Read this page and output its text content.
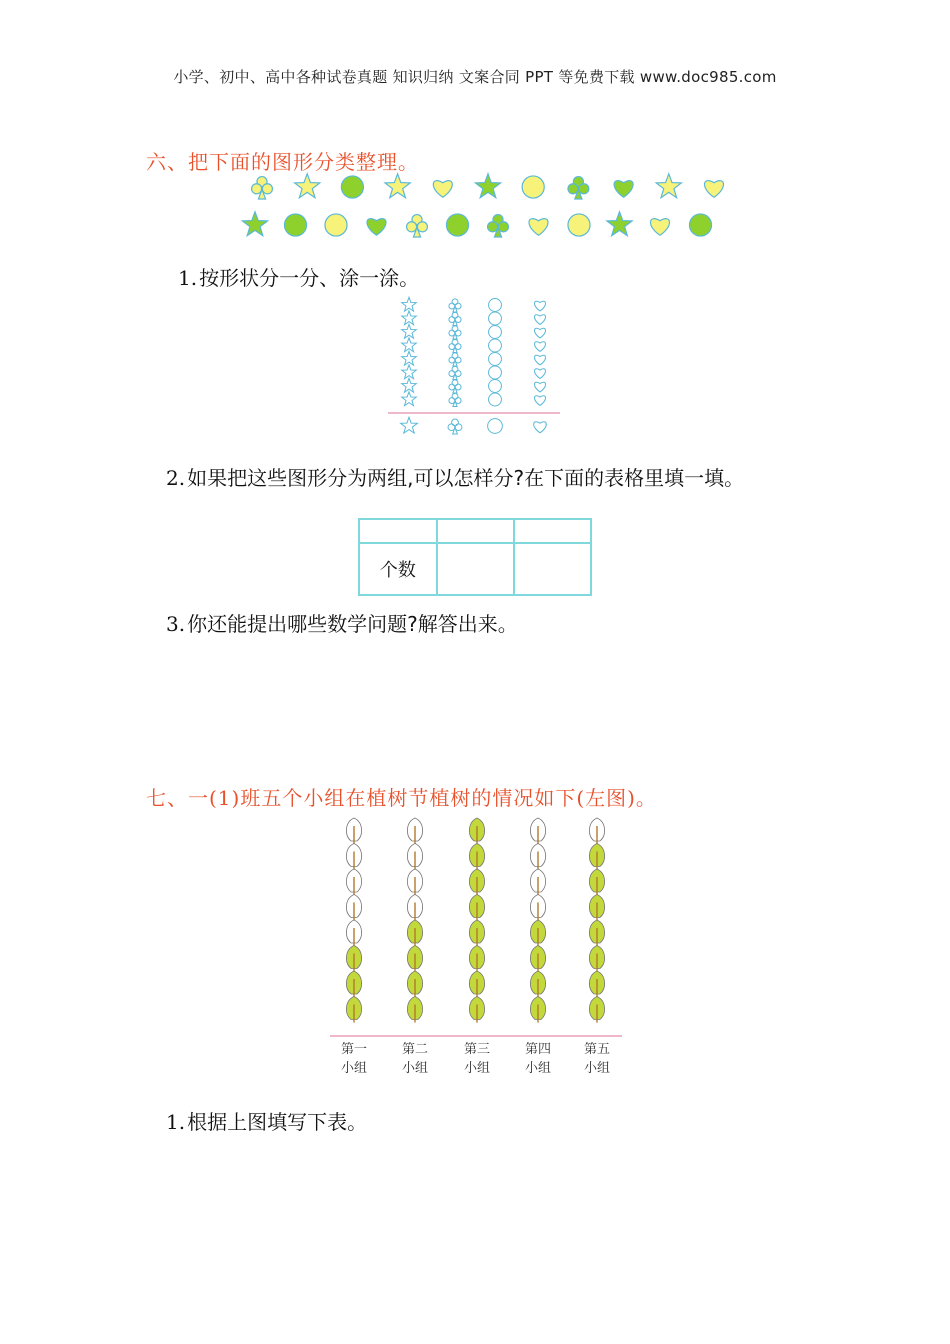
小学、初中、高中各种试卷真题 知识归纳 文案合同 PPT 等免费下载 www.doc985.com
六、把下面的图形分类整理。
1. 按形状分一分、涂一涂。
2. 如果把这些图形分为两组,可以怎样分?在下面的表格里填一填。

个数		
3. 你还能提出哪些数学问题?解答出来。
七、一(1)班五个小组在植树节植树的情况如下(左图)。
第一
小组
第二
小组
第三
小组
第四
小组
第五
小组
1. 根据上图填写下表。
